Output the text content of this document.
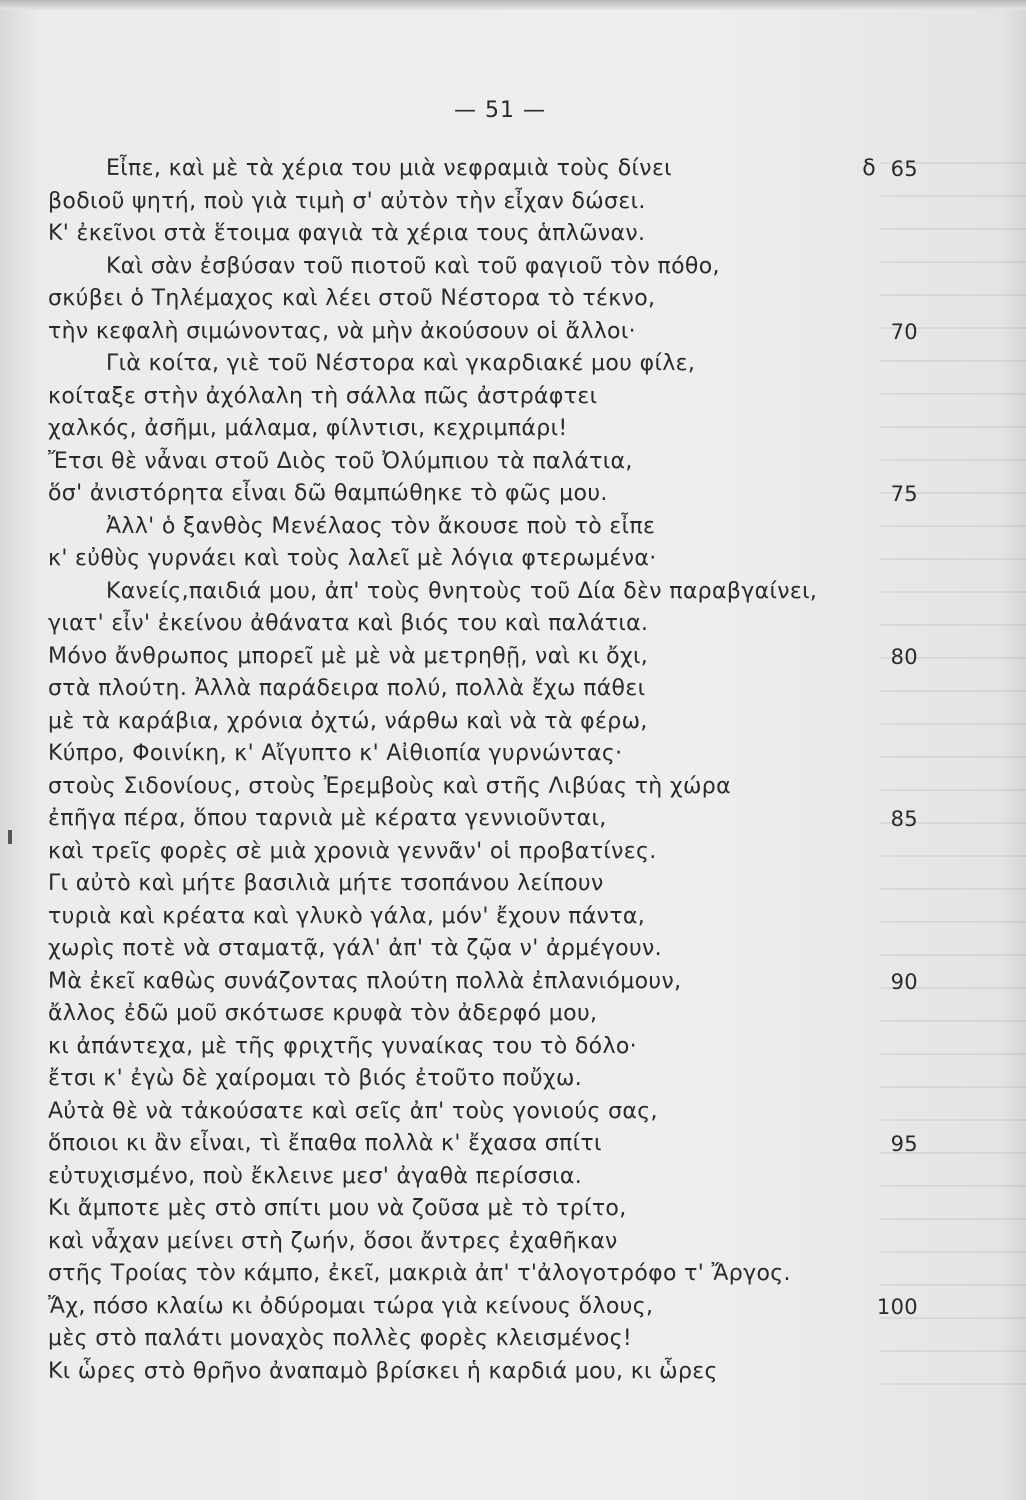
— 51 —
Εἶπε, καὶ μὲ τὰ χέρια του μιὰ νεφραμιὰ τοὺς δίνει	δ 65
βοδιοῦ ψητή, ποὺ γιὰ τιμὴ σ' αὐτὸν τὴν εἶχαν δώσει.
Κ' ἐκεῖνοι στὰ ἕτοιμα φαγιὰ τὰ χέρια τους ἁπλῶναν.
Καὶ σὰν ἐσβύσαν τοῦ πιοτοῦ καὶ τοῦ φαγιοῦ τὸν πόθο,
σκύβει ὁ Τηλέμαχος καὶ λέει στοῦ Νέστορα τὸ τέκνο,
τὴν κεφαλὴ σιμώνοντας, νὰ μὴν ἀκούσουν οἱ ἄλλοι·	70
Γιὰ κοίτα, γιὲ τοῦ Νέστορα καὶ γκαρδιακέ μου φίλε,
κοίταξε στὴν ἀχόλαλη τὴ σάλλα πῶς ἀστράφτει
χαλκός, ἀσῆμι, μάλαμα, φίλντισι, κεχριμπάρι!
Ἔτσι θὲ νἆναι στοῦ Διὸς τοῦ Ὀλύμπιου τὰ παλάτια,
ὅσ' ἀνιστόρητα εἶναι δῶ θαμπώθηκε τὸ φῶς μου.	75
Ἀλλ' ὁ ξανθὸς Μενέλαος τὸν ἄκουσε ποὺ τὸ εἶπε
κ' εὐθὺς γυρνάει καὶ τοὺς λαλεῖ μὲ λόγια φτερωμένα·
Κανείς,παιδιά μου, ἀπ' τοὺς θνητοὺς τοῦ Δία δὲν παραβγαίνει,
γιατ' εἶν' ἐκείνου ἀθάνατα καὶ βιός του καὶ παλάτια.
Μόνο ἄνθρωπος μπορεῖ μὲ μὲ νὰ μετρηθῇ, ναὶ κι ὄχι,	80
στὰ πλούτη. Ἀλλὰ παράδειρα πολύ, πολλὰ ἔχω πάθει
μὲ τὰ καράβια, χρόνια ὀχτώ, νάρθω καὶ νὰ τὰ φέρω,
Κύπρο, Φοινίκη, κ' Αἴγυπτο κ' Αἰθιοπία γυρνώντας·
στοὺς Σιδονίους, στοὺς Ἐρεμβοὺς καὶ στῆς Λιβύας τὴ χώρα
ἐπῆγα πέρα, ὅπου ταρνιὰ μὲ κέρατα γεννιοῦνται,	85
καὶ τρεῖς φορὲς σὲ μιὰ χρονιὰ γεννᾶν' οἱ προβατίνες.
Γι αὐτὸ καὶ μήτε βασιλιὰ μήτε τσοπάνου λείπουν
τυριὰ καὶ κρέατα καὶ γλυκὸ γάλα, μόν' ἔχουν πάντα,
χωρὶς ποτὲ νὰ σταματᾷ, γάλ' ἀπ' τὰ ζῷα ν' ἀρμέγουν.
Μὰ ἐκεῖ καθὼς συνάζοντας πλούτη πολλὰ ἐπλανιόμουν,	90
ἄλλος ἐδῶ μοῦ σκότωσε κρυφὰ τὸν ἀδερφό μου,
κι ἀπάντεχα, μὲ τῆς φριχτῆς γυναίκας του τὸ δόλο·
ἔτσι κ' ἐγὼ δὲ χαίρομαι τὸ βιός ἐτοῦτο ποὔχω.
Αὐτὰ θὲ νὰ τἀκούσατε καὶ σεῖς ἀπ' τοὺς γονιούς σας,
ὅποιοι κι ἂν εἶναι, τὶ ἔπαθα πολλὰ κ' ἔχασα σπίτι	95
εὐτυχισμένο, ποὺ ἔκλεινε μεσ' ἀγαθὰ περίσσια.
Κι ἄμποτε μὲς στὸ σπίτι μου νὰ ζοῦσα μὲ τὸ τρίτο,
καὶ νἆχαν μείνει στὴ ζωήν, ὅσοι ἄντρες ἐχαθῆκαν
στῆς Τροίας τὸν κάμπο, ἐκεῖ, μακριὰ ἀπ' τ'ἀλογοτρόφο τ' Ἄργος.
Ἄχ, πόσο κλαίω κι ὀδύρομαι τώρα γιὰ κείνους ὅλους,	100
μὲς στὸ παλάτι μοναχὸς πολλὲς φορὲς κλεισμένος!
Κι ὧρες στὸ θρῆνο ἀναπαμὸ βρίσκει ἡ καρδιά μου, κι ὧρες
